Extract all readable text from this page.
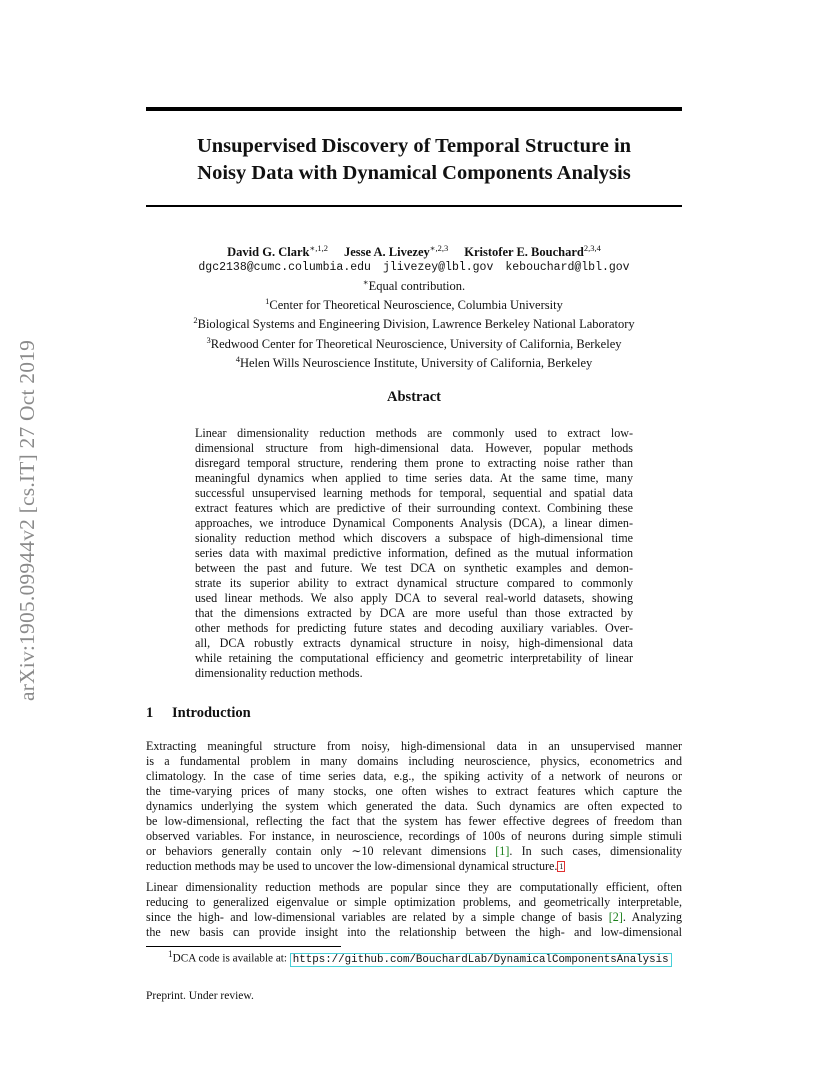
arXiv:1905.09944v2 [cs.IT] 27 Oct 2019
Unsupervised Discovery of Temporal Structure in
Noisy Data with Dynamical Components Analysis
David G. Clark$^{∗,1,2}$ Jesse A. Livezey$^{∗,2,3}$ Kristofer E. Bouchard$^{2,3,4}$
dgc2138@cumc.columbia.edu jlivezey@lbl.gov kebouchard@lbl.gov
∗Equal contribution.
$^1$Center for Theoretical Neuroscience, Columbia University
$^2$Biological Systems and Engineering Division, Lawrence Berkeley National Laboratory
$^3$Redwood Center for Theoretical Neuroscience, University of California, Berkeley
$^4$Helen Wills Neuroscience Institute, University of California, Berkeley
Abstract
Linear dimensionality reduction methods are commonly used to extract low-
dimensional structure from high-dimensional data. However, popular methods
disregard temporal structure, rendering them prone to extracting noise rather than
meaningful dynamics when applied to time series data. At the same time, many
successful unsupervised learning methods for temporal, sequential and spatial data
extract features which are predictive of their surrounding context. Combining these
approaches, we introduce Dynamical Components Analysis (DCA), a linear dimen-
sionality reduction method which discovers a subspace of high-dimensional time
series data with maximal predictive information, defined as the mutual information
between the past and future. We test DCA on synthetic examples and demon-
strate its superior ability to extract dynamical structure compared to commonly
used linear methods. We also apply DCA to several real-world datasets, showing
that the dimensions extracted by DCA are more useful than those extracted by
other methods for predicting future states and decoding auxiliary variables. Over-
all, DCA robustly extracts dynamical structure in noisy, high-dimensional data
while retaining the computational efficiency and geometric interpretability of linear
dimensionality reduction methods.
1 Introduction
Extracting meaningful structure from noisy, high-dimensional data in an unsupervised manner
is a fundamental problem in many domains including neuroscience, physics, econometrics and
climatology. In the case of time series data, e.g., the spiking activity of a network of neurons or
the time-varying prices of many stocks, one often wishes to extract features which capture the
dynamics underlying the system which generated the data. Such dynamics are often expected to
be low-dimensional, reflecting the fact that the system has fewer effective degrees of freedom than
observed variables. For instance, in neuroscience, recordings of 100s of neurons during simple stimuli
or behaviors generally contain only ∼10 relevant dimensions [1]. In such cases, dimensionality
reduction methods may be used to uncover the low-dimensional dynamical structure. $^1$
Linear dimensionality reduction methods are popular since they are computationally efficient, often
reducing to generalized eigenvalue or simple optimization problems, and geometrically interpretable,
since the high- and low-dimensional variables are related by a simple change of basis [2]. Analyzing
the new basis can provide insight into the relationship between the high- and low-dimensional
$^1$DCA code is available at: https://github.com/BouchardLab/DynamicalComponentsAnalysis
Preprint. Under review.
